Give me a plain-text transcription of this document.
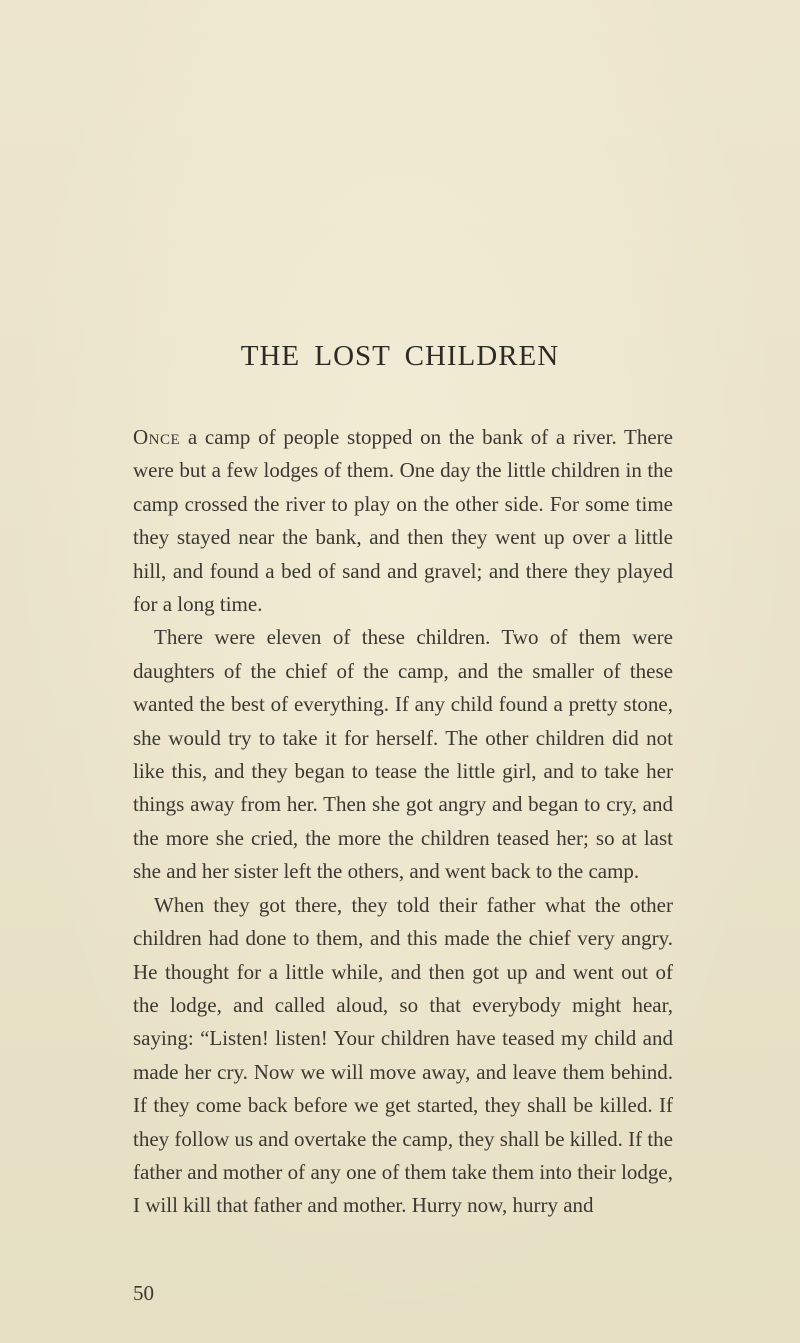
THE LOST CHILDREN

Once a camp of people stopped on the bank of a river. There were but a few lodges of them. One day the little children in the camp crossed the river to play on the other side. For some time they stayed near the bank, and then they went up over a little hill, and found a bed of sand and gravel; and there they played for a long time.

There were eleven of these children. Two of them were daughters of the chief of the camp, and the smaller of these wanted the best of everything. If any child found a pretty stone, she would try to take it for herself. The other children did not like this, and they began to tease the little girl, and to take her things away from her. Then she got angry and began to cry, and the more she cried, the more the children teased her; so at last she and her sister left the others, and went back to the camp.

When they got there, they told their father what the other children had done to them, and this made the chief very angry. He thought for a little while, and then got up and went out of the lodge, and called aloud, so that everybody might hear, saying: “Listen! listen! Your children have teased my child and made her cry. Now we will move away, and leave them behind. If they come back before we get started, they shall be killed. If they follow us and overtake the camp, they shall be killed. If the father and mother of any one of them take them into their lodge, I will kill that father and mother. Hurry now, hurry and

50
